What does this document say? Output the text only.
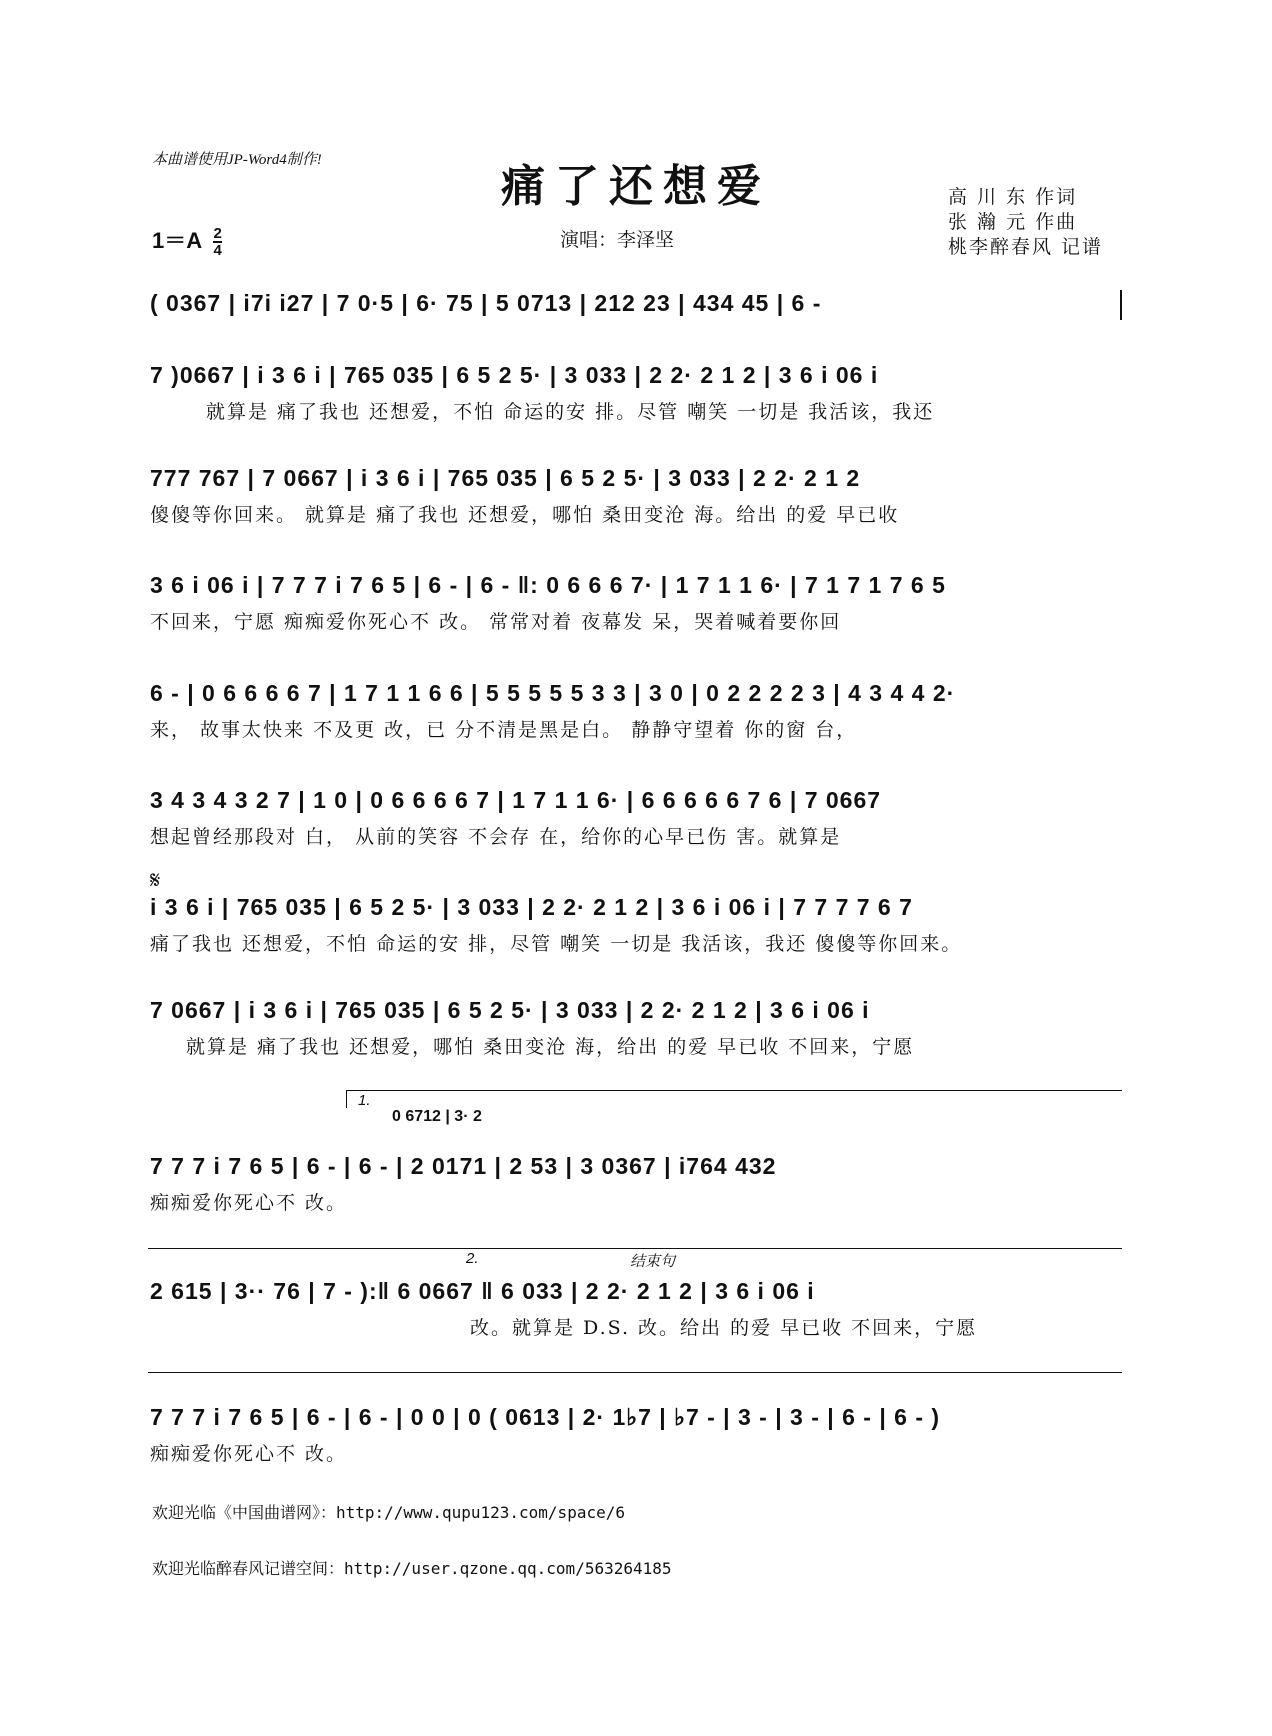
本曲谱使用JP-Word4制作!
痛了还想爱	高 川 东 作词
张 瀚 元 作曲
桃李醉春风 记谱
$1=A \frac{2}{4}$	演唱：李泽坚
( 0367 | i7i i27 | 7 0·5 | 6· 75 | 5 0713 | 212 23 | 434 45 | 6 -
7 )0667 | i 3 6 i | 765 035 | 6 5 2 5· | 3 033 | 2 2· 2 1 2 | 3 6 i 06 i
就算是 痛了我也 还想爱，不怕 命运的安 排。尽管 嘲笑 一切是 我活该，我还
777 767 | 7 0667 | i 3 6 i | 765 035 | 6 5 2 5· | 3 033 | 2 2· 2 1 2
傻傻等你回来。 就算是 痛了我也 还想爱，哪怕 桑田变沧 海。给出 的爱 早已收
3 6 i 06 i | 7 7 7 i 7 6 5 | 6 - | 6 - ‖: 0 6 6 6 7· | 1 7 1 1 6· | 7 1 7 1 7 6 5
不回来，宁愿 痴痴爱你死心不 改。 常常对着 夜幕发 呆，哭着喊着要你回
6 - | 0 6 6 6 6 7 | 1 7 1 1 6 6 | 5 5 5 5 5 3 3 | 3 0 | 0 2 2 2 2 3 | 4 3 4 4 2·
来， 故事太快来 不及更 改，已 分不清是黑是白。 静静守望着 你的窗 台，
3 4 3 4 3 2 7 | 1 0 | 0 6 6 6 6 7 | 1 7 1 1 6· | 6 6 6 6 6 7 6 | 7 0667
想起曾经那段对 白， 从前的笑容 不会存 在，给你的心早已伤 害。就算是
𝄋
i 3 6 i | 765 035 | 6 5 2 5· | 3 033 | 2 2· 2 1 2 | 3 6 i 06 i | 7 7 7 7 6 7
痛了我也 还想爱，不怕 命运的安 排，尽管 嘲笑 一切是 我活该，我还 傻傻等你回来。
7 0667 | i 3 6 i | 765 035 | 6 5 2 5· | 3 033 | 2 2· 2 1 2 | 3 6 i 06 i
就算是 痛了我也 还想爱，哪怕 桑田变沧 海，给出 的爱 早已收 不回来，宁愿
1.
0 6712 | 3· 2
7 7 7 i 7 6 5 | 6 - | 6 - | 2 0171 | 2 53 | 3 0367 | i764 432
痴痴爱你死心不 改。
2.	结束句
2 615 | 3·· 76 | 7 - ):‖ 6 0667 ‖ 6 033 | 2 2· 2 1 2 | 3 6 i 06 i
改。就算是 D.S. 改。给出 的爱 早已收 不回来，宁愿
7 7 7 i 7 6 5 | 6 - | 6 - | 0 0 | 0 ( 0613 | 2· 1♭7 | ♭7 - | 3 - | 3 - | 6 - | 6 - )
痴痴爱你死心不 改。
欢迎光临《中国曲谱网》：http://www.qupu123.com/space/6
欢迎光临醉春风记谱空间：http://user.qzone.qq.com/563264185
